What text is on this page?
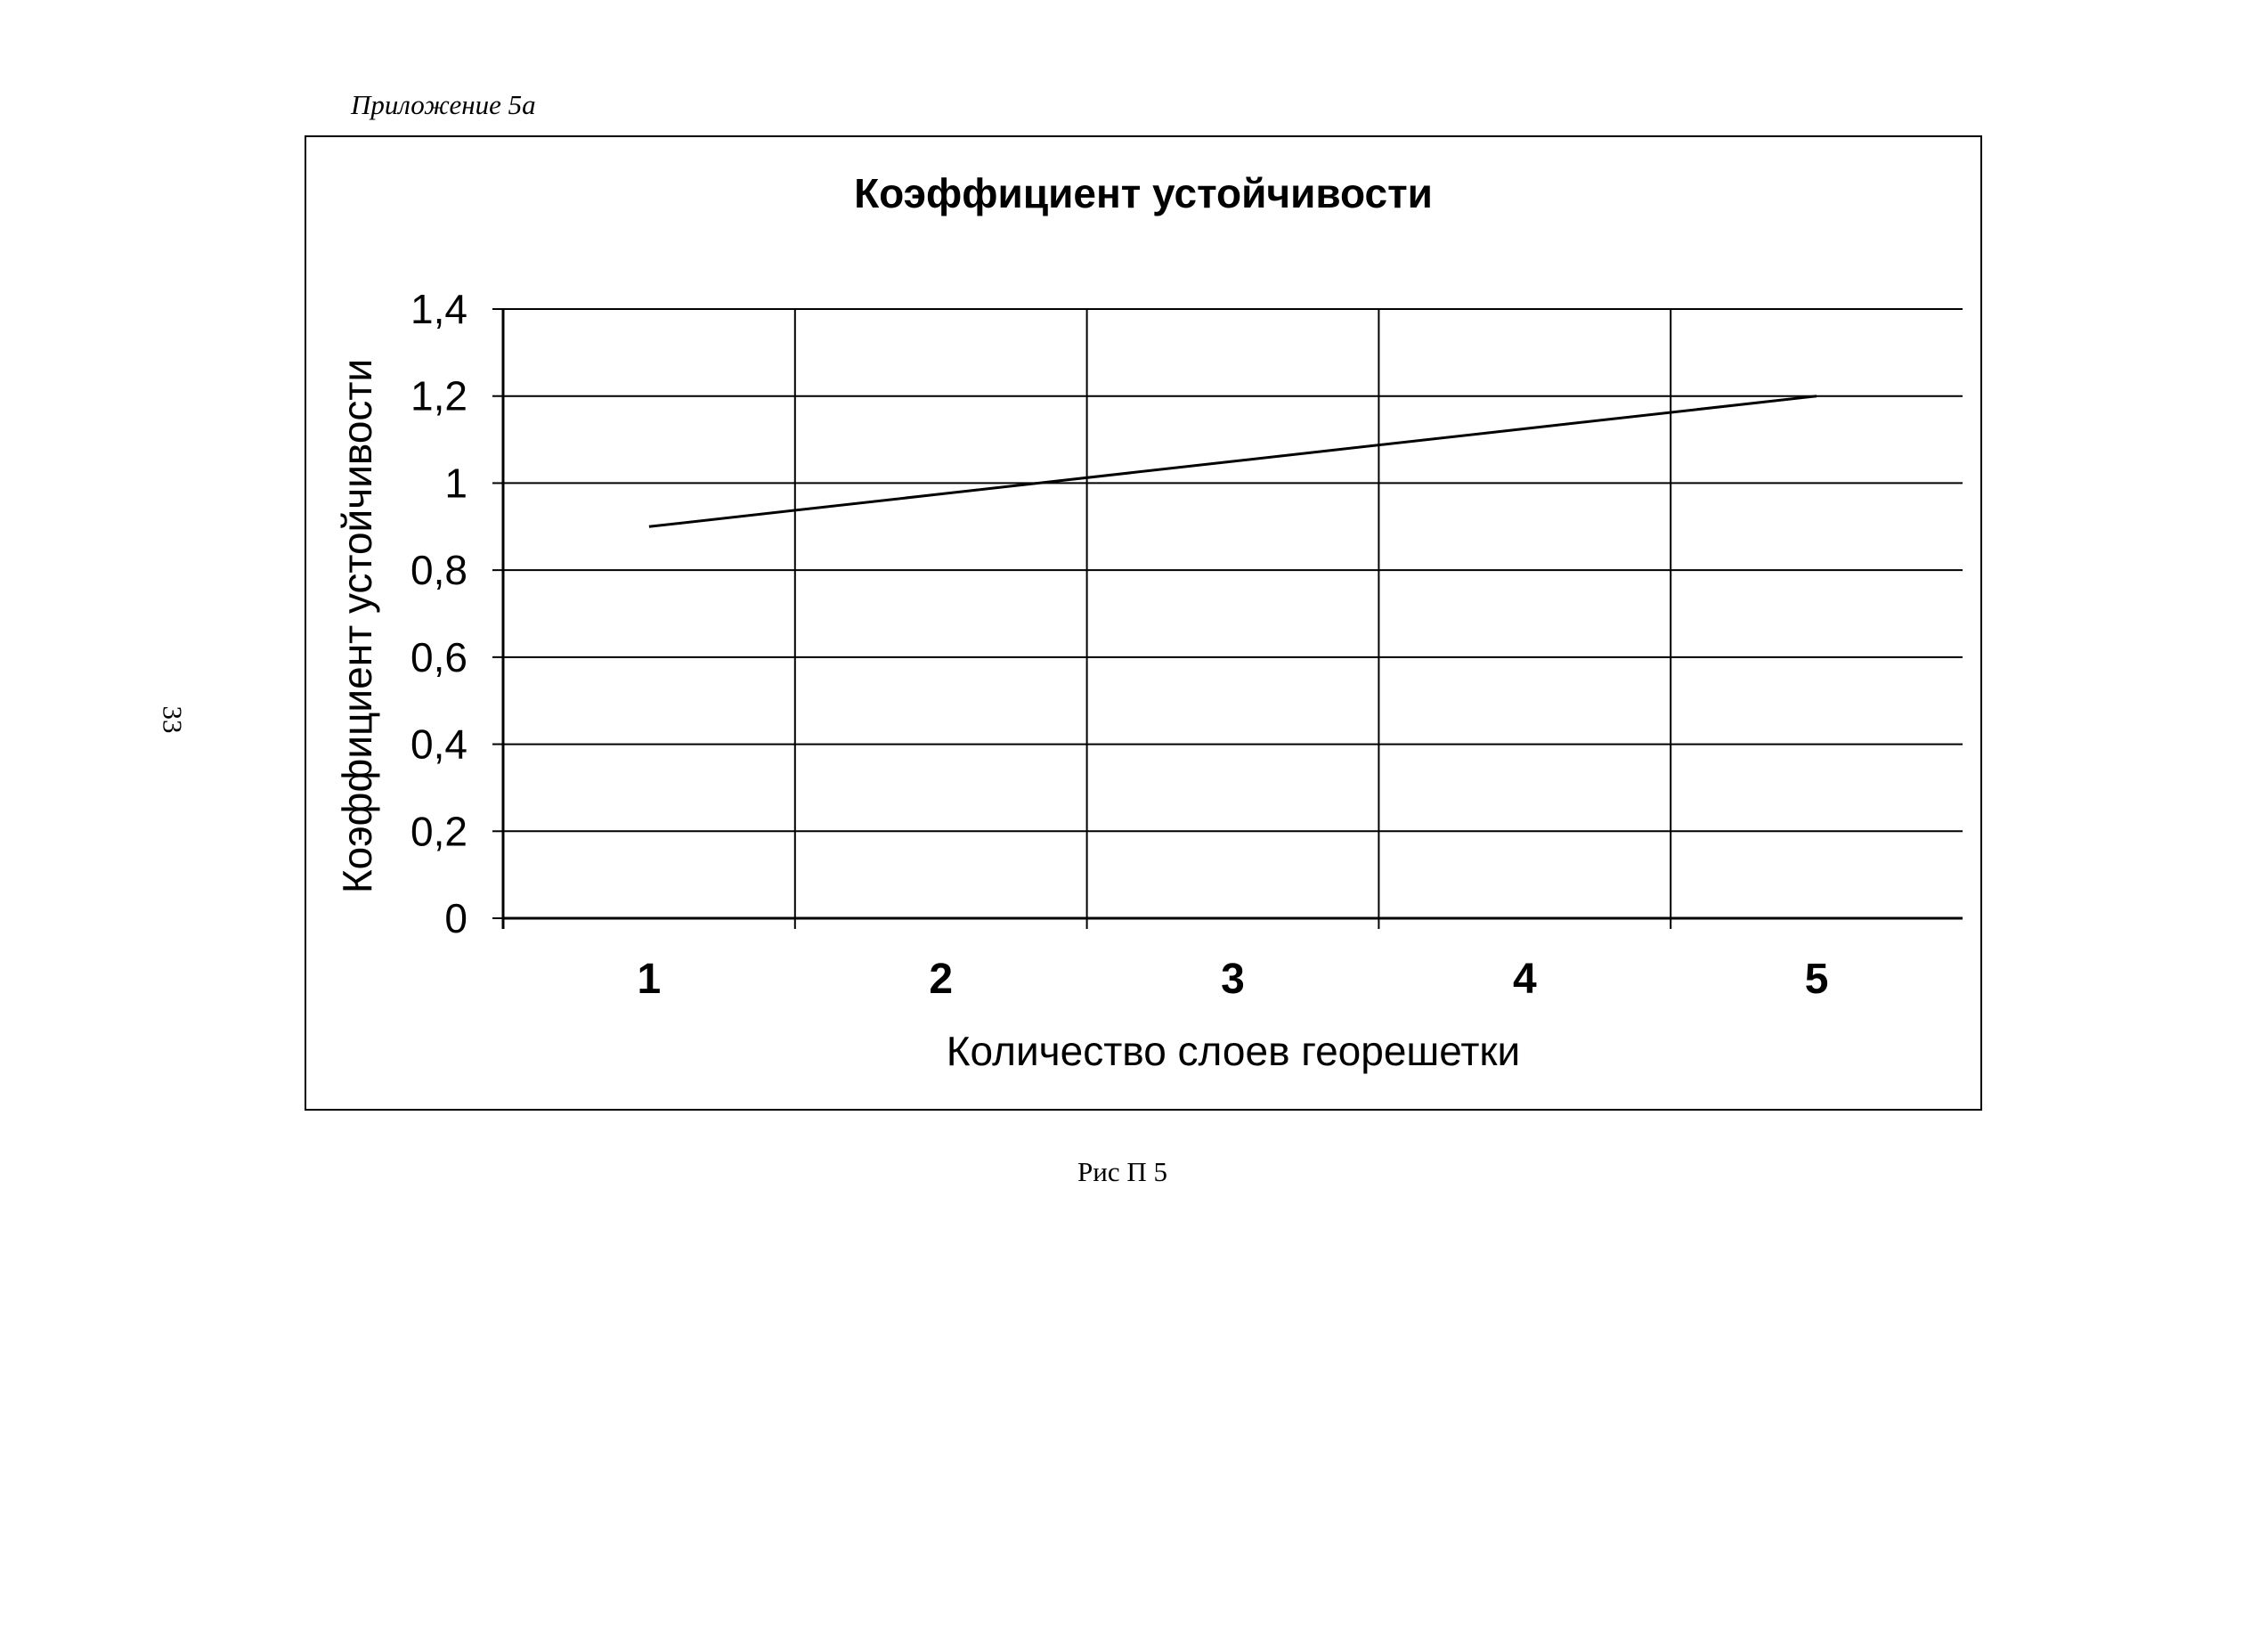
Приложение 5а
33
Коэффициент устойчивости
0
0,2
0,4
0,6
0,8
1
1,2
1,4
1	2	3	4	5
Коэффициент устойчивости
Количество слоев георешетки
Рис П 5
